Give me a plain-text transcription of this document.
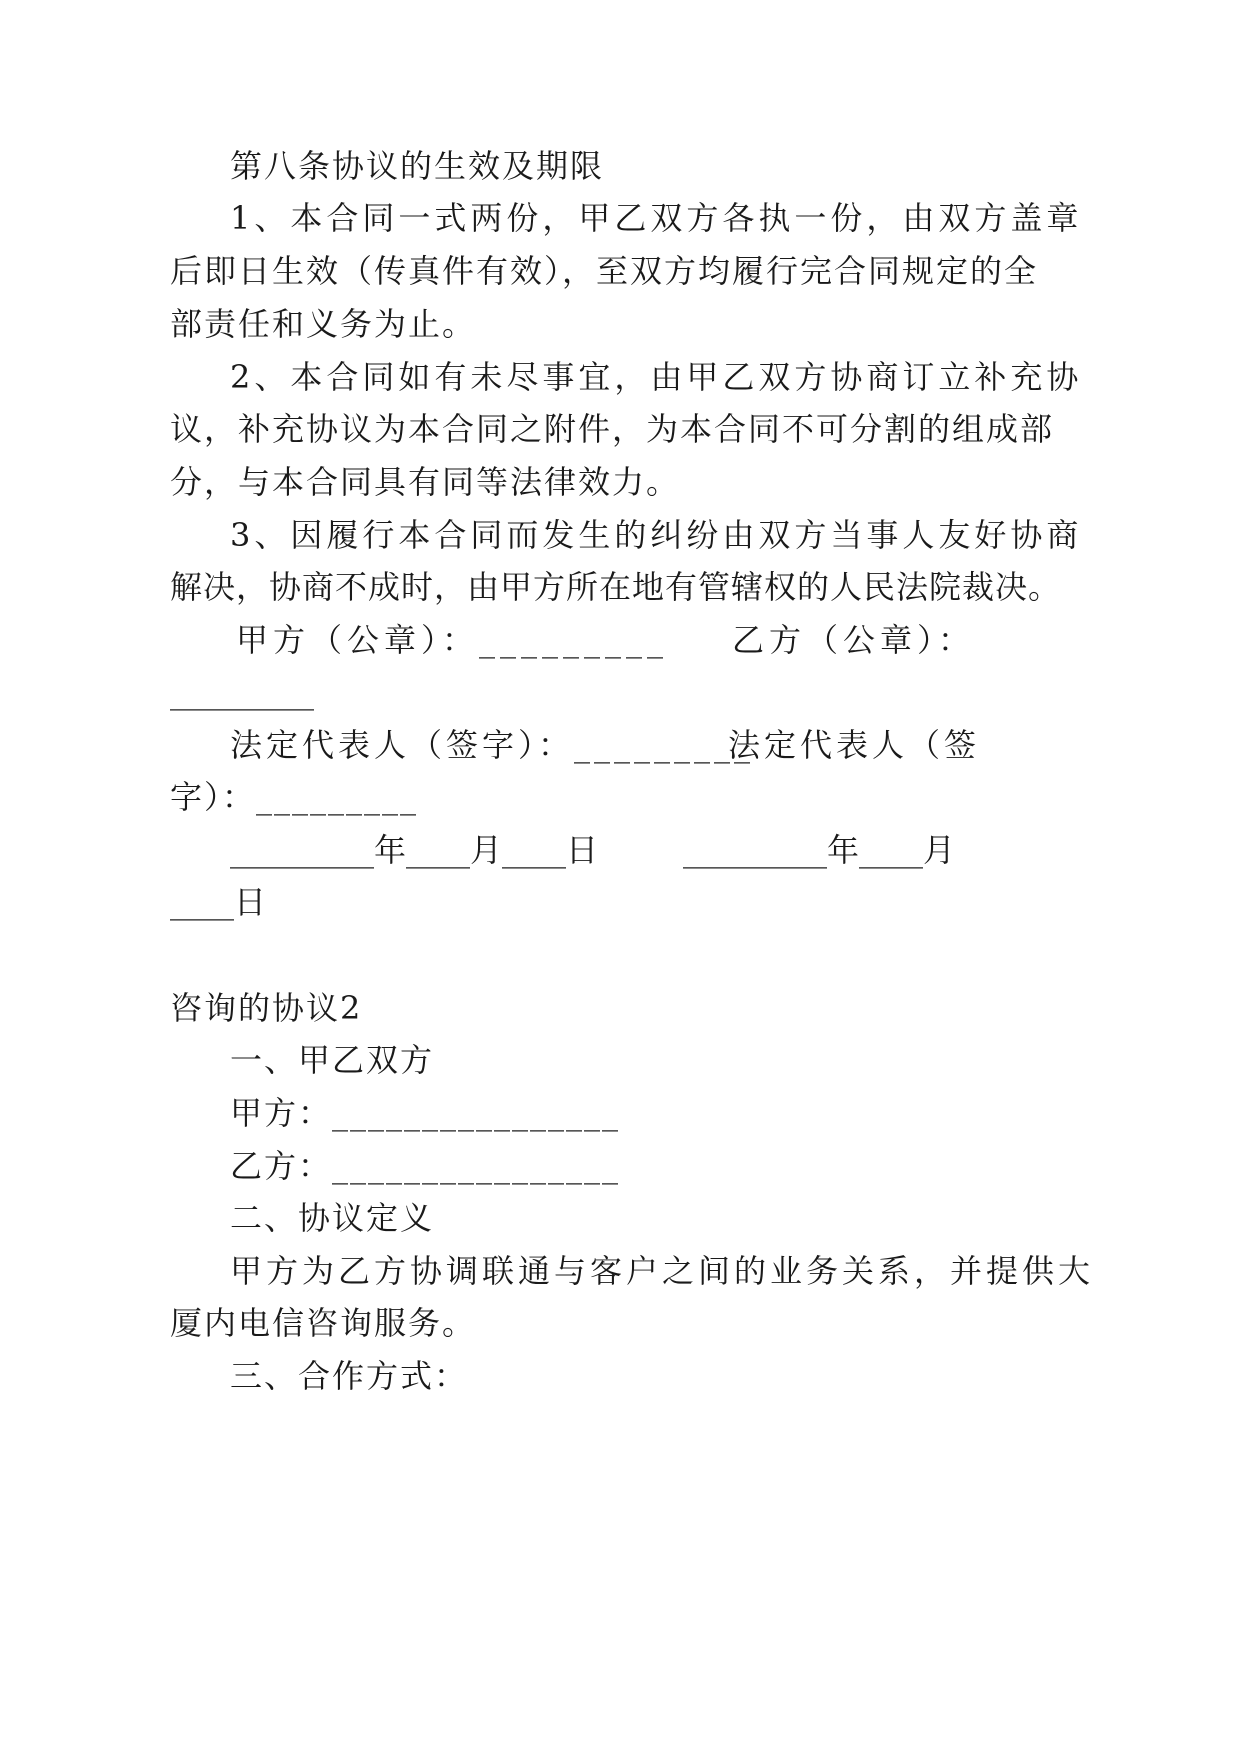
第八条协议的生效及期限

1、本合同一式两份，甲乙双方各执一份，由双方盖章

后即日生效（传真件有效），至双方均履行完合同规定的全

部责任和义务为止。

2、本合同如有未尽事宜，由甲乙双方协商订立补充协

议，补充协议为本合同之附件，为本合同不可分割的组成部

分，与本合同具有同等法律效力。

3、因履行本合同而发生的纠纷由双方当事人友好协商

解决，协商不成时，由甲方所在地有管辖权的人民法院裁决。

甲方（公章）：_________ 乙方（公章）：

_________

法定代表人（签字）：_________

法定代表人（签

字）：_________

_________年____月____日	_________年____月

____日

咨询的协议2

一、甲乙双方

甲方：________________

乙方：________________

二、协议定义

甲方为乙方协调联通与客户之间的业务关系，并提供大

厦内电信咨询服务。

三、合作方式：
